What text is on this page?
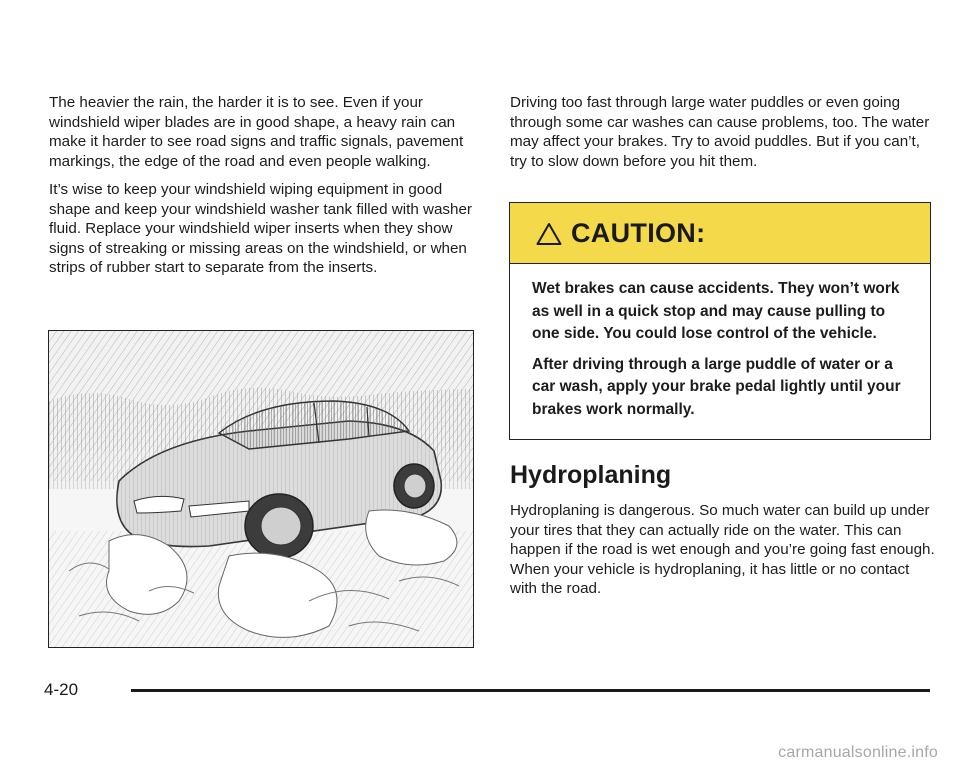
The heavier the rain, the harder it is to see. Even if your windshield wiper blades are in good shape, a heavy rain can make it harder to see road signs and traffic signals, pavement markings, the edge of the road and even people walking.

It’s wise to keep your windshield wiping equipment in good shape and keep your windshield washer tank filled with washer fluid. Replace your windshield wiper inserts when they show signs of streaking or missing areas on the windshield, or when strips of rubber start to separate from the inserts.

Driving too fast through large water puddles or even going through some car washes can cause problems, too. The water may affect your brakes. Try to avoid puddles. But if you can’t, try to slow down before you hit them.

CAUTION:

Wet brakes can cause accidents. They won’t work as well in a quick stop and may cause pulling to one side. You could lose control of the vehicle.

After driving through a large puddle of water or a car wash, apply your brake pedal lightly until your brakes work normally.

Hydroplaning

Hydroplaning is dangerous. So much water can build up under your tires that they can actually ride on the water. This can happen if the road is wet enough and you’re going fast enough. When your vehicle is hydroplaning, it has little or no contact with the road.

4-20
carmanualsonline.info
